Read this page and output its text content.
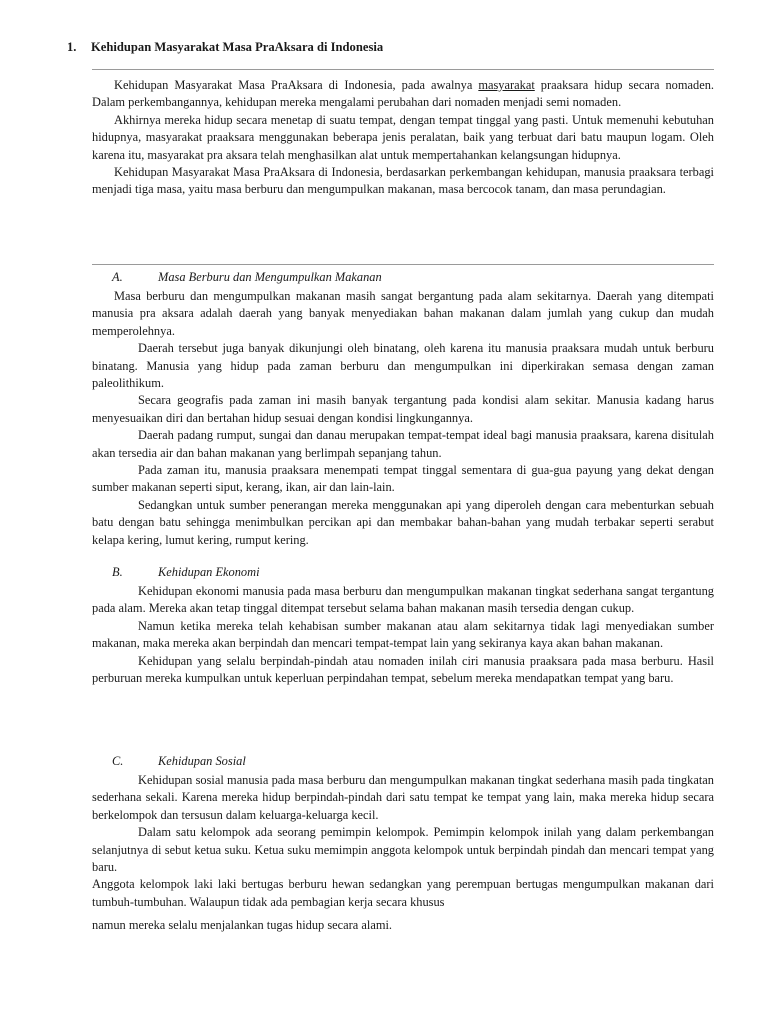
1. Kehidupan Masyarakat Masa PraAksara di Indonesia

Kehidupan Masyarakat Masa PraAksara di Indonesia, pada awalnya masyarakat praaksara hidup secara nomaden. Dalam perkembangannya, kehidupan mereka mengalami perubahan dari nomaden menjadi semi nomaden.

Akhirnya mereka hidup secara menetap di suatu tempat, dengan tempat tinggal yang pasti. Untuk memenuhi kebutuhan hidupnya, masyarakat praaksara menggunakan beberapa jenis peralatan, baik yang terbuat dari batu maupun logam. Oleh karena itu, masyarakat pra aksara telah menghasilkan alat untuk mempertahankan kelangsungan hidupnya.

Kehidupan Masyarakat Masa PraAksara di Indonesia, berdasarkan perkembangan kehidupan, manusia praaksara terbagi menjadi tiga masa, yaitu masa berburu dan mengumpulkan makanan, masa bercocok tanam, dan masa perundagian.

A.	Masa Berburu dan Mengumpulkan Makanan

Masa berburu dan mengumpulkan makanan masih sangat bergantung pada alam sekitarnya. Daerah yang ditempati manusia pra aksara adalah daerah yang banyak menyediakan bahan makanan dalam jumlah yang cukup dan mudah memperolehnya.

Daerah tersebut juga banyak dikunjungi oleh binatang, oleh karena itu manusia praaksara mudah untuk berburu binatang. Manusia yang hidup pada zaman berburu dan mengumpulkan ini diperkirakan semasa dengan zaman paleolithikum.

Secara geografis pada zaman ini masih banyak tergantung pada kondisi alam sekitar. Manusia kadang harus menyesuaikan diri dan bertahan hidup sesuai dengan kondisi lingkungannya.

Daerah padang rumput, sungai dan danau merupakan tempat-tempat ideal bagi manusia praaksara, karena disitulah akan tersedia air dan bahan makanan yang berlimpah sepanjang tahun.

Pada zaman itu, manusia praaksara menempati tempat tinggal sementara di gua-gua payung yang dekat dengan sumber makanan seperti siput, kerang, ikan, air dan lain-lain.

Sedangkan untuk sumber penerangan mereka menggunakan api yang diperoleh dengan cara mebenturkan sebuah batu dengan batu sehingga menimbulkan percikan api dan membakar bahan-bahan yang mudah terbakar seperti serabut kelapa kering, lumut kering, rumput kering.

B.	Kehidupan Ekonomi

Kehidupan ekonomi manusia pada masa berburu dan mengumpulkan makanan tingkat sederhana sangat tergantung pada alam. Mereka akan tetap tinggal ditempat tersebut selama bahan makanan masih tersedia dengan cukup.

Namun ketika mereka telah kehabisan sumber makanan atau alam sekitarnya tidak lagi menyediakan sumber makanan, maka mereka akan berpindah dan mencari tempat-tempat lain yang sekiranya kaya akan bahan makanan.

Kehidupan yang selalu berpindah-pindah atau nomaden inilah ciri manusia praaksara pada masa berburu. Hasil perburuan mereka kumpulkan untuk keperluan perpindahan tempat, sebelum mereka mendapatkan tempat yang baru.

C.	Kehidupan Sosial

Kehidupan sosial manusia pada masa berburu dan mengumpulkan makanan tingkat sederhana masih pada tingkatan sederhana sekali. Karena mereka hidup berpindah-pindah dari satu tempat ke tempat yang lain, maka mereka hidup secara berkelompok dan tersusun dalam keluarga-keluarga kecil.

Dalam satu kelompok ada seorang pemimpin kelompok. Pemimpin kelompok inilah yang dalam perkembangan selanjutnya di sebut ketua suku. Ketua suku memimpin anggota kelompok untuk berpindah pindah dan mencari tempat yang baru.

Anggota kelompok laki laki bertugas berburu hewan sedangkan yang perempuan bertugas mengumpulkan makanan dari tumbuh-tumbuhan. Walaupun tidak ada pembagian kerja secara khusus

namun mereka selalu menjalankan tugas hidup secara alami.
